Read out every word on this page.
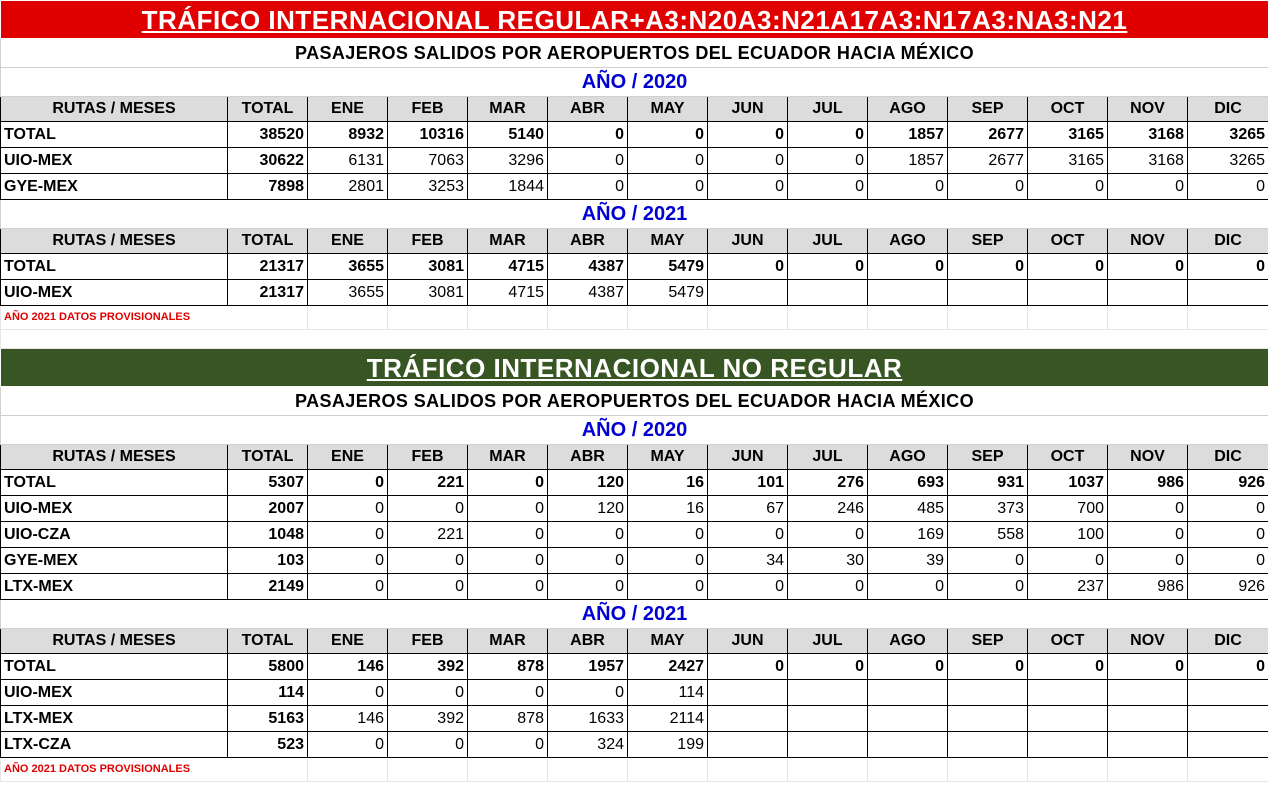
TRÁFICO INTERNACIONAL REGULAR+A3:N20A3:N21A17A3:N17A3:NA3:N21													
PASAJEROS SALIDOS POR AEROPUERTOS DEL ECUADOR HACIA MÉXICO													
AÑO / 2020													
RUTAS / MESES	TOTAL	ENE	FEB	MAR	ABR	MAY	JUN	JUL	AGO	SEP	OCT	NOV	DIC
TOTAL	38520	8932	10316	5140	0	0	0	0	1857	2677	3165	3168	3265
UIO-MEX	30622	6131	7063	3296	0	0	0	0	1857	2677	3165	3168	3265
GYE-MEX	7898	2801	3253	1844	0	0	0	0	0	0	0	0	0
AÑO / 2021													
RUTAS / MESES	TOTAL	ENE	FEB	MAR	ABR	MAY	JUN	JUL	AGO	SEP	OCT	NOV	DIC
TOTAL	21317	3655	3081	4715	4387	5479	0	0	0	0	0	0	0
UIO-MEX	21317	3655	3081	4715	4387	5479							
AÑO 2021 DATOS PROVISIONALES													

TRÁFICO INTERNACIONAL NO REGULAR													
PASAJEROS SALIDOS POR AEROPUERTOS DEL ECUADOR HACIA MÉXICO													
AÑO / 2020													
RUTAS / MESES	TOTAL	ENE	FEB	MAR	ABR	MAY	JUN	JUL	AGO	SEP	OCT	NOV	DIC
TOTAL	5307	0	221	0	120	16	101	276	693	931	1037	986	926
UIO-MEX	2007	0	0	0	120	16	67	246	485	373	700	0	0
UIO-CZA	1048	0	221	0	0	0	0	0	169	558	100	0	0
GYE-MEX	103	0	0	0	0	0	34	30	39	0	0	0	0
LTX-MEX	2149	0	0	0	0	0	0	0	0	0	237	986	926
AÑO / 2021													
RUTAS / MESES	TOTAL	ENE	FEB	MAR	ABR	MAY	JUN	JUL	AGO	SEP	OCT	NOV	DIC
TOTAL	5800	146	392	878	1957	2427	0	0	0	0	0	0	0
UIO-MEX	114	0	0	0	0	114							
LTX-MEX	5163	146	392	878	1633	2114							
LTX-CZA	523	0	0	0	324	199							
AÑO 2021 DATOS PROVISIONALES													
